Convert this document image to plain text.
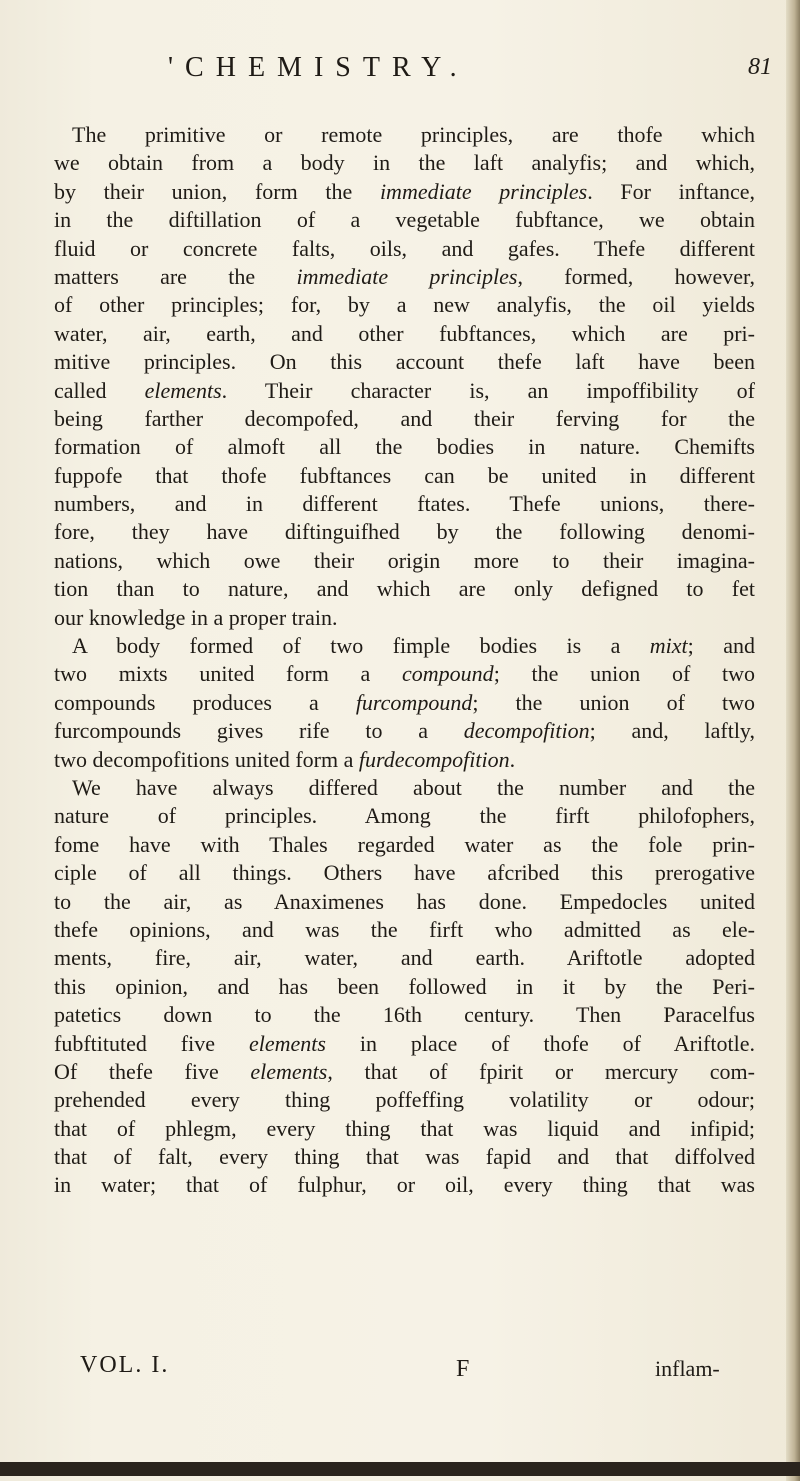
'CHEMISTRY.	81
The primitive or remote principles, are thofe which
we obtain from a body in the laft analyfis; and which,
by their union, form the immediate principles. For inftance,
in the diftillation of a vegetable fubftance, we obtain
fluid or concrete falts, oils, and gafes. Thefe different
matters are the immediate principles, formed, however,
of other principles; for, by a new analyfis, the oil yields
water, air, earth, and other fubftances, which are pri-
mitive principles. On this account thefe laft have been
called elements. Their character is, an impoffibility of
being farther decompofed, and their ferving for the
formation of almoft all the bodies in nature. Chemifts
fuppofe that thofe fubftances can be united in different
numbers, and in different ftates. Thefe unions, there-
fore, they have diftinguifhed by the following denomi-
nations, which owe their origin more to their imagina-
tion than to nature, and which are only defigned to fet
our knowledge in a proper train.
A body formed of two fimple bodies is a mixt; and
two mixts united form a compound; the union of two
compounds produces a furcompound; the union of two
furcompounds gives rife to a decompofition; and, laftly,
two decompofitions united form a furdecompofition.
We have always differed about the number and the
nature of principles. Among the firft philofophers,
fome have with Thales regarded water as the fole prin-
ciple of all things. Others have afcribed this prerogative
to the air, as Anaximenes has done. Empedocles united
thefe opinions, and was the firft who admitted as ele-
ments, fire, air, water, and earth. Ariftotle adopted
this opinion, and has been followed in it by the Peri-
patetics down to the 16th century. Then Paracelfus
fubftituted five elements in place of thofe of Ariftotle.
Of thefe five elements, that of fpirit or mercury com-
prehended every thing poffeffing volatility or odour;
that of phlegm, every thing that was liquid and infipid;
that of falt, every thing that was fapid and that diffolved
in water; that of fulphur, or oil, every thing that was
VOL. I.	F	inflam-
